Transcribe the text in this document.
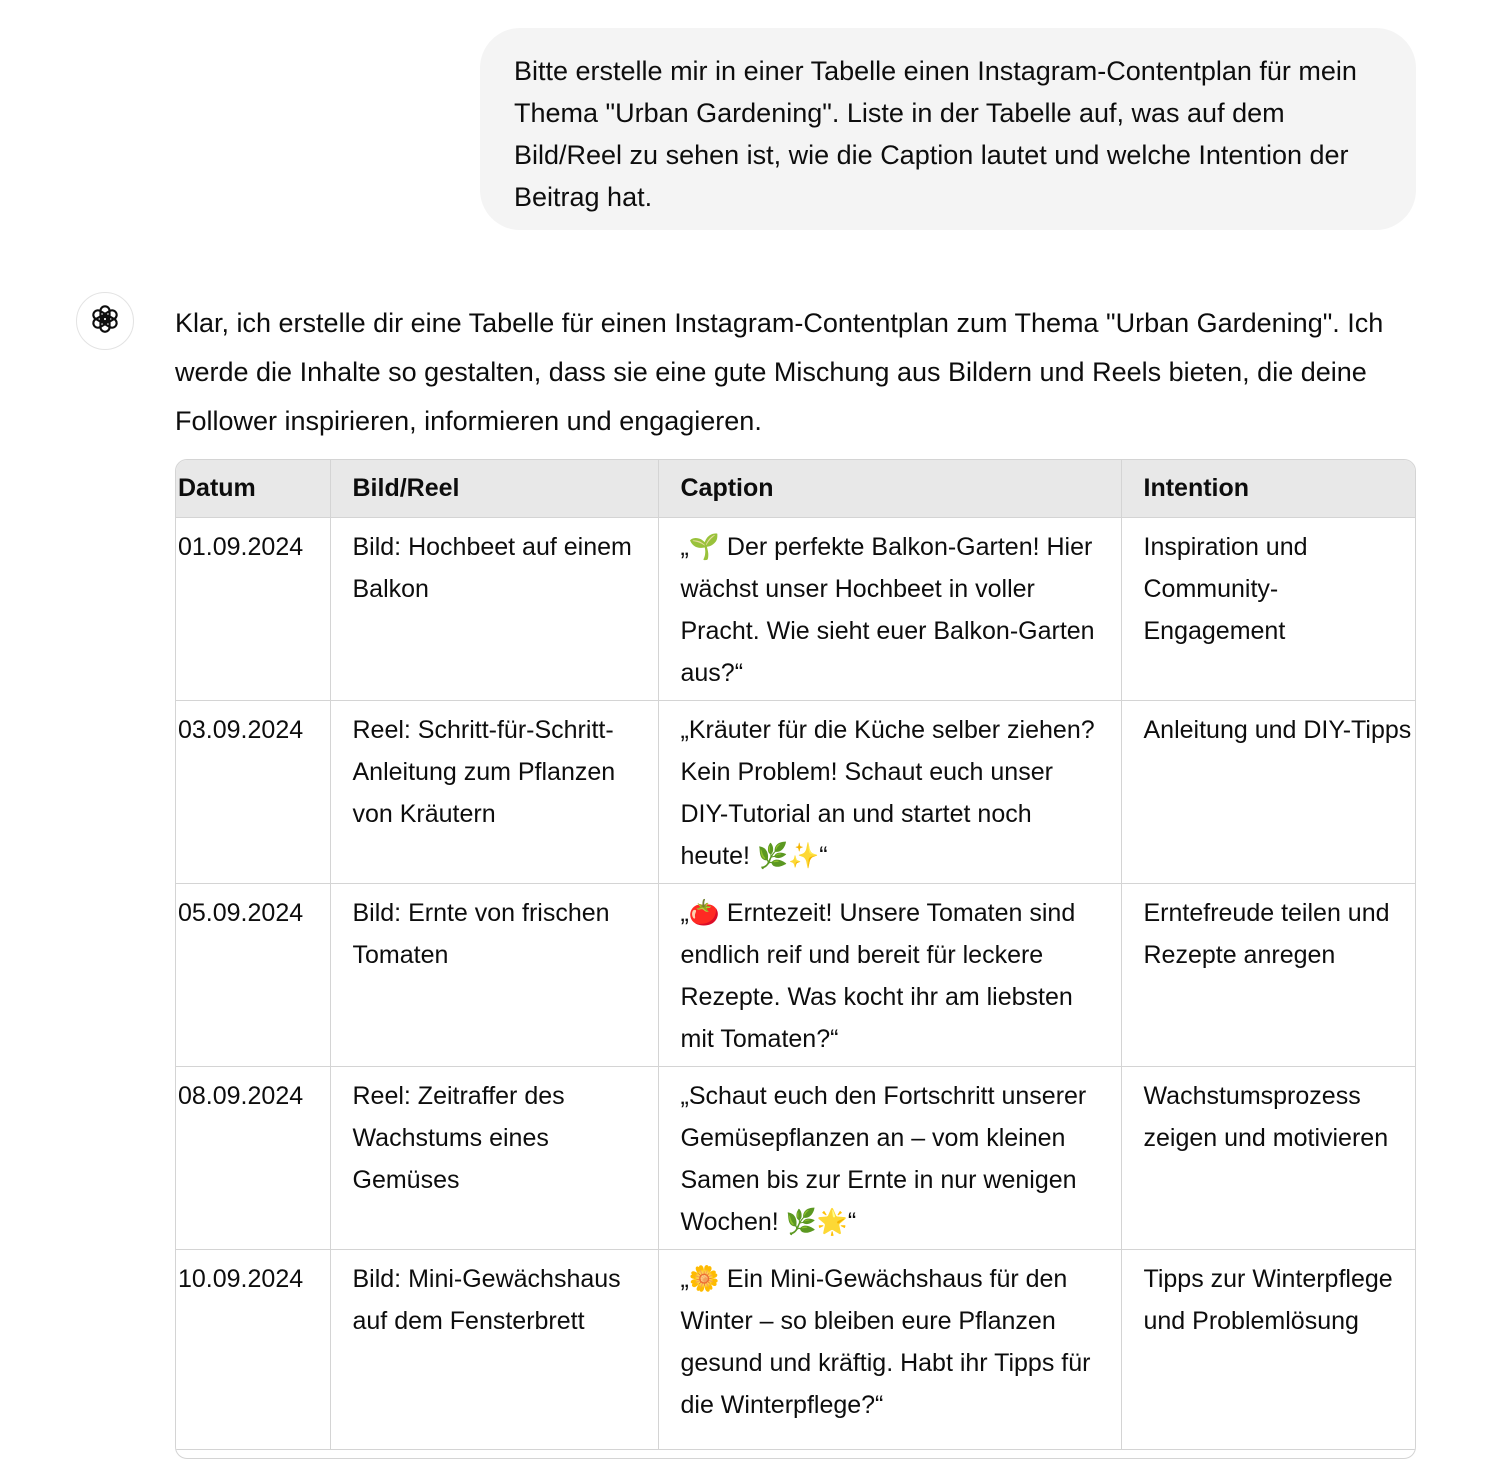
Bitte erstelle mir in einer Tabelle einen Instagram-Contentplan für mein Thema "Urban Gardening". Liste in der Tabelle auf, was auf dem Bild/Reel zu sehen ist, wie die Caption lautet und welche Intention der Beitrag hat.

Klar, ich erstelle dir eine Tabelle für einen Instagram-Contentplan zum Thema "Urban Gardening". Ich werde die Inhalte so gestalten, dass sie eine gute Mischung aus Bildern und Reels bieten, die deine Follower inspirieren, informieren und engagieren.

Datum	Bild/Reel	Caption	Intention
01.09.2024	Bild: Hochbeet auf einem Balkon	„🌱 Der perfekte Balkon-Garten! Hier wächst unser Hochbeet in voller Pracht. Wie sieht euer Balkon-Garten aus?“	Inspiration und Community-Engagement
03.09.2024	Reel: Schritt-für-Schritt-Anleitung zum Pflanzen von Kräutern	„Kräuter für die Küche selber ziehen? Kein Problem! Schaut euch unser DIY-Tutorial an und startet noch heute! 🌿✨“	Anleitung und DIY-Tipps
05.09.2024	Bild: Ernte von frischen Tomaten	„🍅 Erntezeit! Unsere Tomaten sind endlich reif und bereit für leckere Rezepte. Was kocht ihr am liebsten mit Tomaten?“	Erntefreude teilen und Rezepte anregen
08.09.2024	Reel: Zeitraffer des Wachstums eines Gemüses	„Schaut euch den Fortschritt unserer Gemüsepflanzen an – vom kleinen Samen bis zur Ernte in nur wenigen Wochen! 🌿🌟“	Wachstumsprozess zeigen und motivieren
10.09.2024	Bild: Mini-Gewächshaus auf dem Fensterbrett	„🌼 Ein Mini-Gewächshaus für den Winter – so bleiben eure Pflanzen gesund und kräftig. Habt ihr Tipps für die Winterpflege?“	Tipps zur Winterpflege und Problemlösung
